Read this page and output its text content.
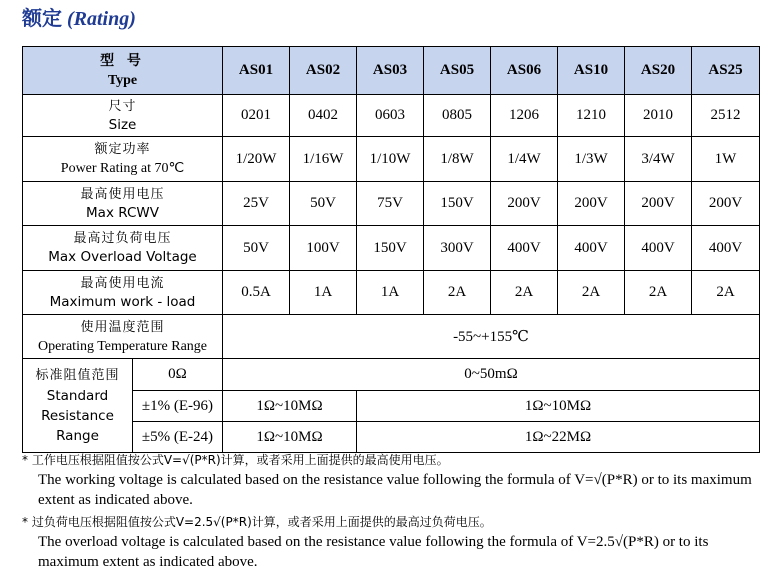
额定 (Rating)
型 号
Type		AS01	AS02	AS03	AS05	AS06	AS10	AS20	AS25

尺寸
Size		0201	0402	0603	0805	1206	1210	2010	2512

额定功率
Power Rating at 70℃		1/20W	1/16W	1/10W	1/8W	1/4W	1/3W	3/4W	1W

最高使用电压
Max RCWV		25V	50V	75V	150V	200V	200V	200V	200V

最高过负荷电压
Max Overload Voltage		50V	100V	150V	300V	400V	400V	400V	400V

最高使用电流
Maximum work - load		0.5A	1A	1A	2A	2A	2A	2A	2A

使用温度范围
Operating Temperature Range		-55~+155℃							

标准阻值范围
Standard
Resistance
Range	0Ω	0~50mΩ							
	±1% (E-96)	1Ω~10MΩ		1Ω~10MΩ					
	±5% (E-24)	1Ω~10MΩ		1Ω~22MΩ					
* 工作电压根据阻值按公式V=√(P*R)计算，或者采用上面提供的最高使用电压。
The working voltage is calculated based on the resistance value following the formula of V=√(P*R) or to its maximum extent as indicated above.
* 过负荷电压根据阻值按公式V=2.5√(P*R)计算，或者采用上面提供的最高过负荷电压。
The overload voltage is calculated based on the resistance value following the formula of V=2.5√(P*R) or to its maximum extent as indicated above.
